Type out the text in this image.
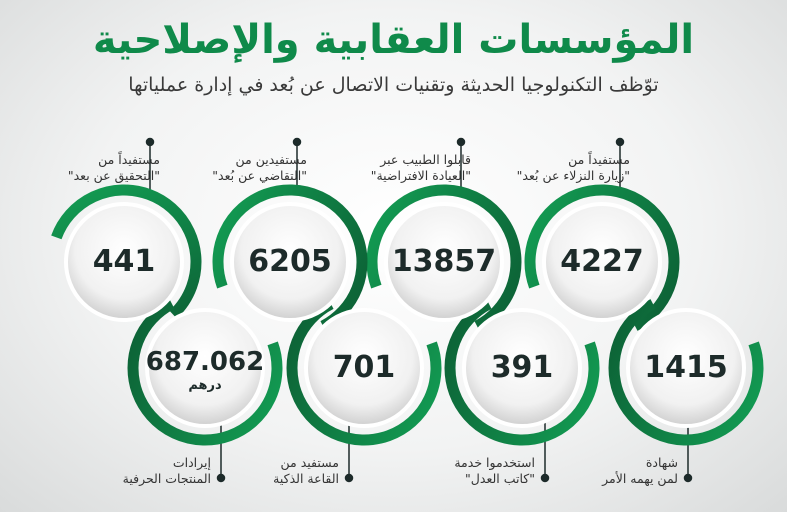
المؤسسات العقابية والإصلاحية
توّظف التكنولوجيا الحديثة وتقنيات الاتصال عن بُعد في إدارة عملياتها
4227
13857
6205
441
1415
391
701
687.062
درهم
مستفيداً من
"زيارة النزلاء عن بُعد"
قابلوا الطبيب عبر
"العيادة الافتراضية"
مستفيدين من
"التقاضي عن بُعد"
مستفيداً من
"التحقيق عن بعد"
شهادة
لمن يهمه الأمر
استخدموا خدمة
"كاتب العدل"
مستفيد من
القاعة الذكية
إيرادات
المنتجات الحرفية
